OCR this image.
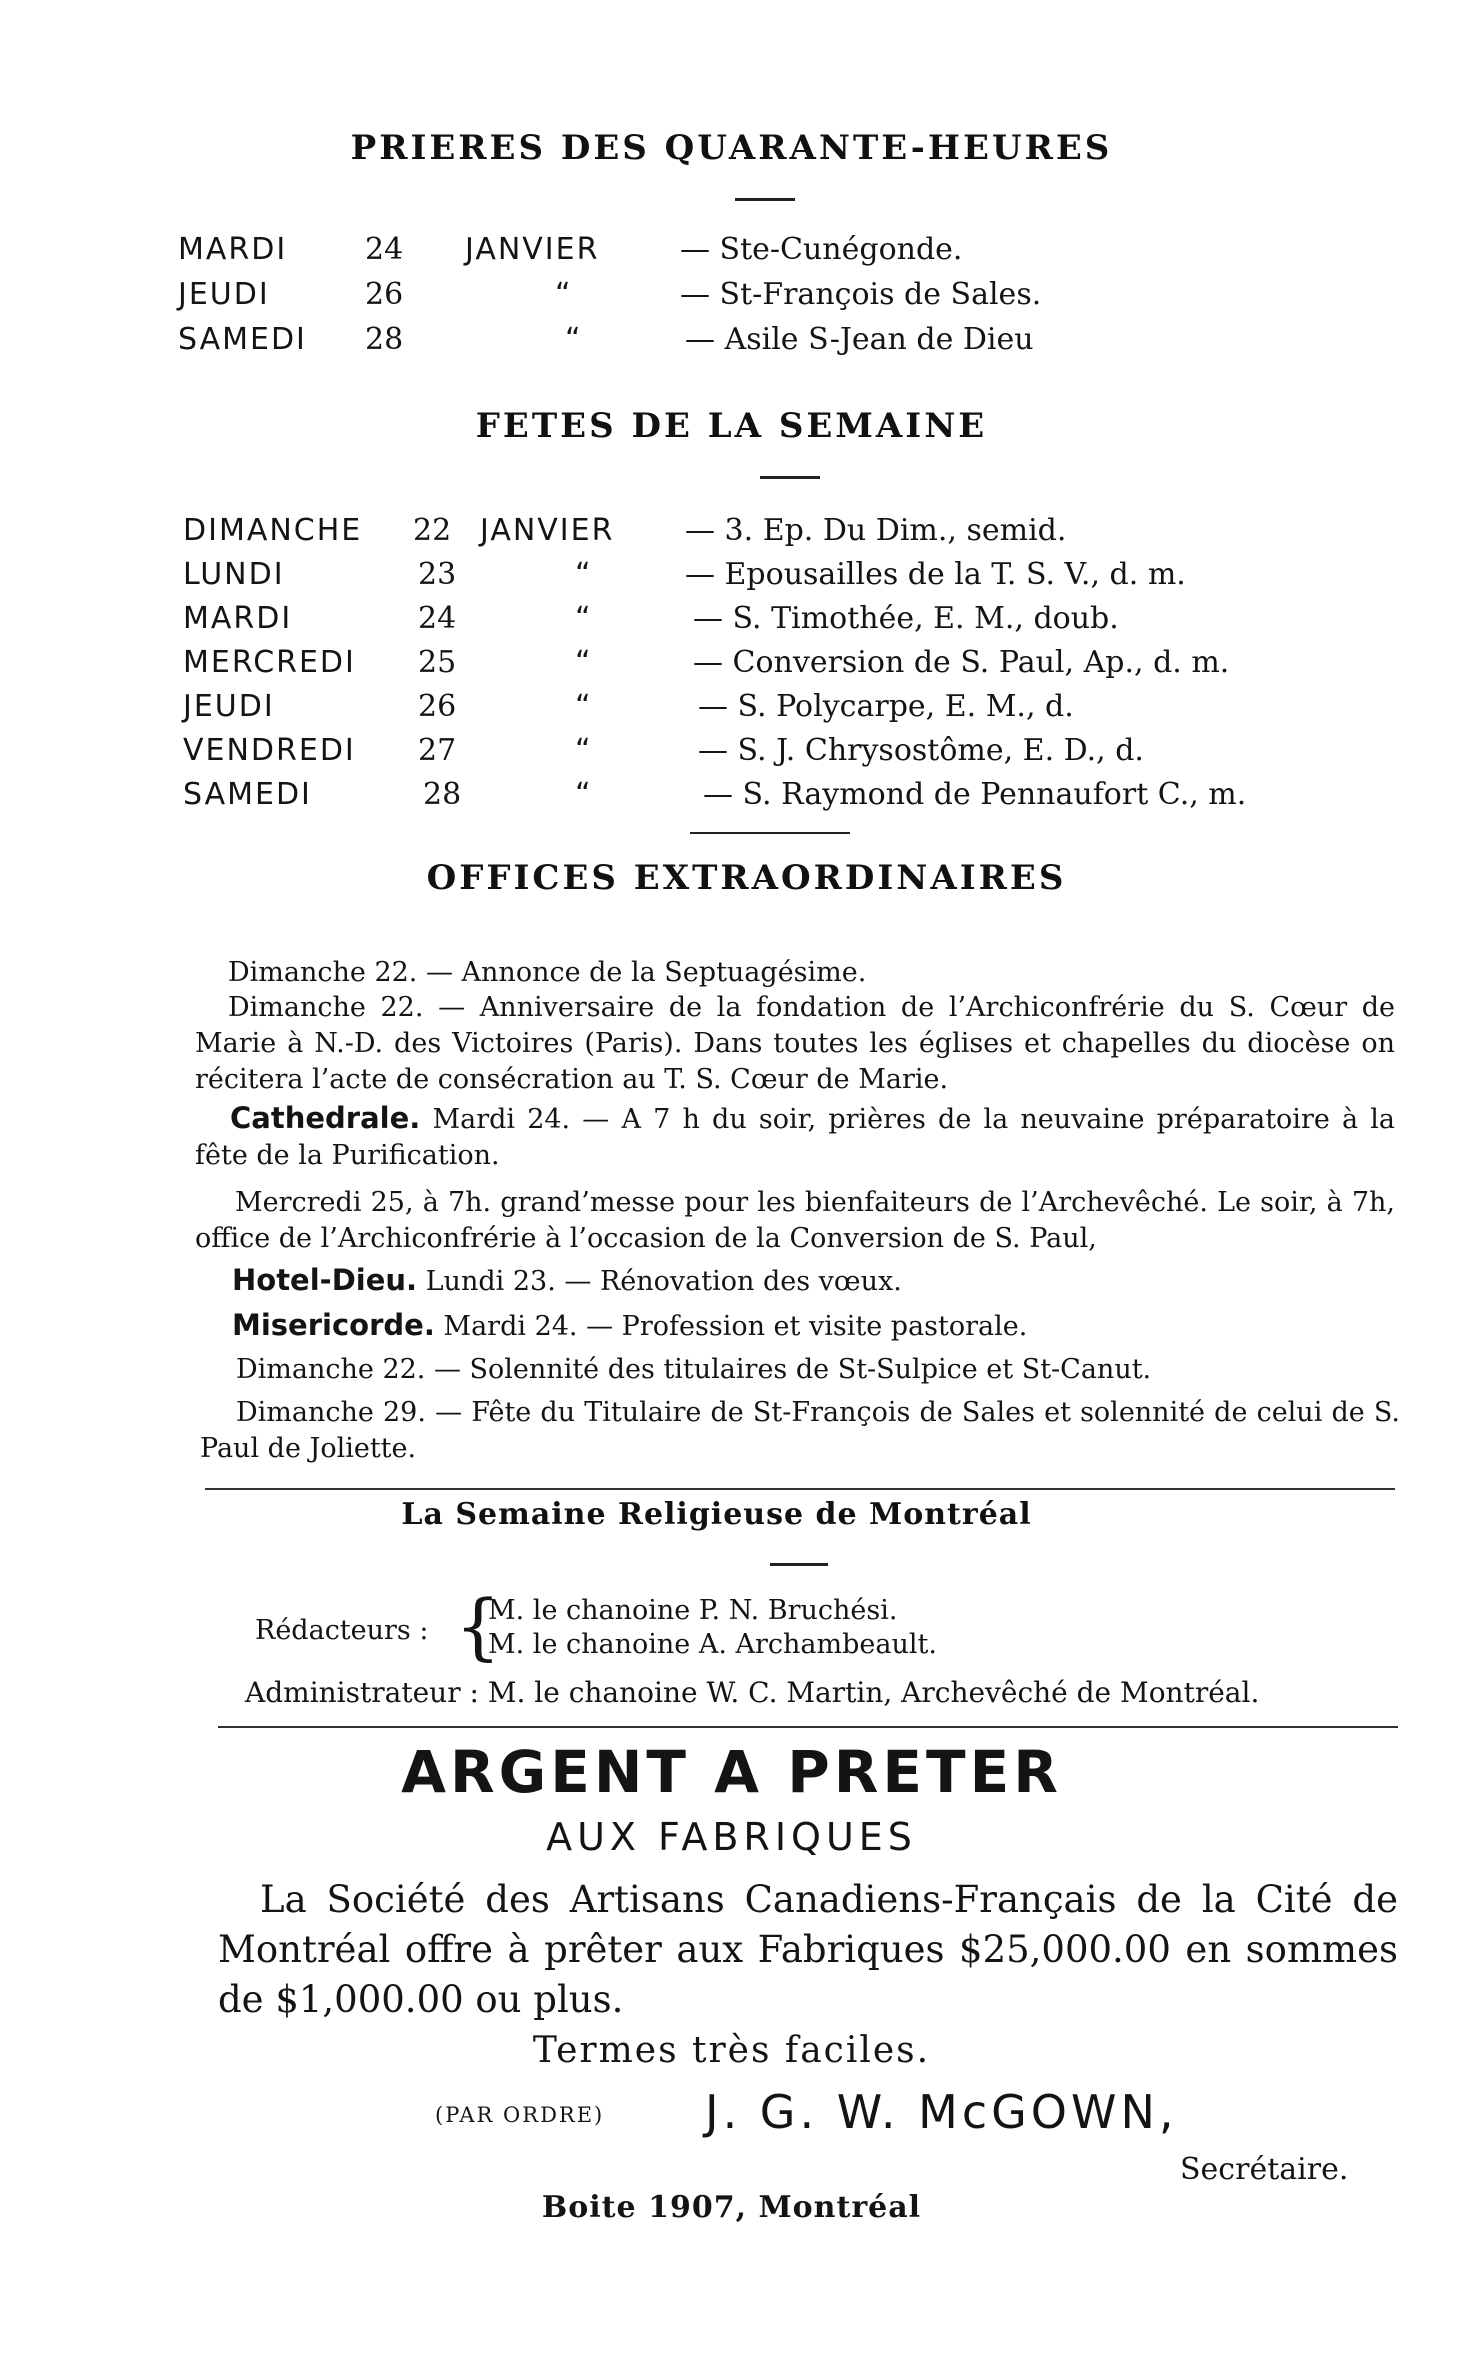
PRIERES DES QUARANTE-HEURES
MARDI	24 JANVIER	— Ste-Cunégonde.
JEUDI	26	“	— St-François de Sales.
SAMEDI 28	“	— Asile S-Jean de Dieu
FETES DE LA SEMAINE
DIMANCHE 22 JANVIER — 3. Ep. Du Dim., semid.
LUNDI	23	“	— Epousailles de la T. S. V., d. m.
MARDI	24	“	— S. Timothée, E. M., doub.
MERCREDI 25	“	— Conversion de S. Paul, Ap., d. m.
JEUDI	26	“	— S. Polycarpe, E. M., d.
VENDREDI 27	“	— S. J. Chrysostôme, E. D., d.
SAMEDI	28	“	— S. Raymond de Pennaufort C., m.
OFFICES EXTRAORDINAIRES
Dimanche 22. — Annonce de la Septuagésime.
Dimanche 22. — Anniversaire de la fondation de l’Archiconfrérie du S. Cœur de Marie à N.-D. des Victoires (Paris). Dans toutes les églises et chapelles du diocèse on récitera l’acte de consécration au T. S. Cœur de Marie.
Cathedrale. Mardi 24. — A 7 h du soir, prières de la neuvaine préparatoire à la fête de la Purification.
Mercredi 25, à 7h. grand’messe pour les bienfaiteurs de l’Archevêché. Le soir, à 7h, office de l’Archiconfrérie à l’occasion de la Conversion de S. Paul,
Hotel-Dieu. Lundi 23. — Rénovation des vœux.
Misericorde. Mardi 24. — Profession et visite pastorale.
Dimanche 22. — Solennité des titulaires de St-Sulpice et St-Canut.
Dimanche 29. — Fête du Titulaire de St-François de Sales et solennité de celui de S. Paul de Joliette.
La Semaine Religieuse de Montréal
Rédacteurs : {
M. le chanoine P. N. Bruchési.
M. le chanoine A. Archambeault.
Administrateur : M. le chanoine W. C. Martin, Archevêché de Montréal.
ARGENT A PRETER
AUX FABRIQUES
La Société des Artisans Canadiens-Français de la Cité de Montréal offre à prêter aux Fabriques $25,000.00 en sommes de $1,000.00 ou plus.
Termes très faciles.
(PAR ORDRE) J. G. W. McGOWN,
Secrétaire.
Boite 1907, Montréal
